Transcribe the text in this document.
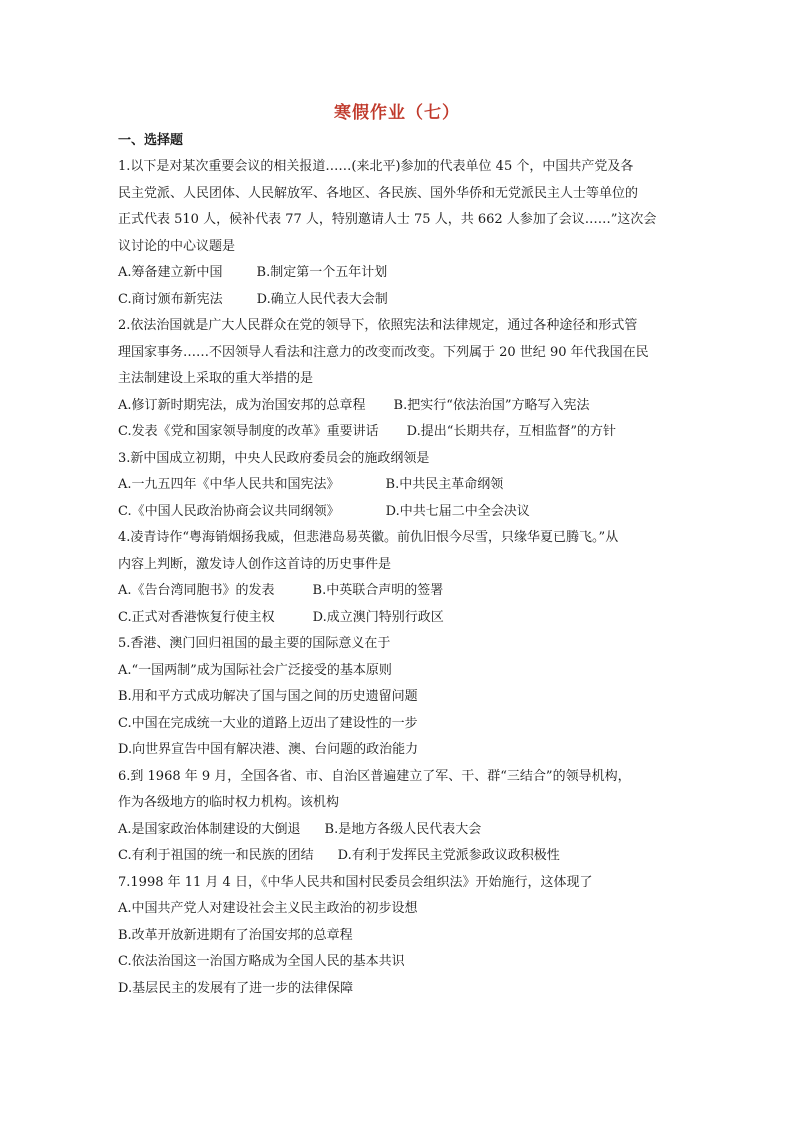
寒假作业（七）
一、选择题
1.以下是对某次重要会议的相关报道……(来北平)参加的代表单位 45 个，中国共产党及各
民主党派、人民团体、人民解放军、各地区、各民族、国外华侨和无党派民主人士等单位的
正式代表 510 人，候补代表 77 人，特别邀请人士 75 人，共 662 人参加了会议……”这次会
议讨论的中心议题是
A.筹备建立新中国	B.制定第一个五年计划
C.商讨颁布新宪法	D.确立人民代表大会制
2.依法治国就是广大人民群众在党的领导下，依照宪法和法律规定，通过各种途径和形式管
理国家事务……不因领导人看法和注意力的改变而改变。下列属于 20 世纪 90 年代我国在民
主法制建设上采取的重大举措的是
A.修订新时期宪法，成为治国安邦的总章程 B.把实行“依法治国”方略写入宪法
C.发表《党和国家领导制度的改革》重要讲话 D.提出“长期共存，互相监督”的方针
3.新中国成立初期，中央人民政府委员会的施政纲领是
A.一九五四年《中华人民共和国宪法》	B.中共民主革命纲领
C.《中国人民政治协商会议共同纲领》	D.中共七届二中全会决议
4.凌青诗作“粤海销烟扬我威，但悲港岛易英徽。前仇旧恨今尽雪，只缘华夏已腾飞。”从
内容上判断，激发诗人创作这首诗的历史事件是
A.《告台湾同胞书》的发表	B.中英联合声明的签署
C.正式对香港恢复行使主权	D.成立澳门特别行政区
5.香港、澳门回归祖国的最主要的国际意义在于
A.“一国两制”成为国际社会广泛接受的基本原则
B.用和平方式成功解决了国与国之间的历史遗留问题
C.中国在完成统一大业的道路上迈出了建设性的一步
D.向世界宣告中国有解决港、澳、台问题的政治能力
6.到 1968 年 9 月，全国各省、市、自治区普遍建立了军、干、群“三结合”的领导机构，
作为各级地方的临时权力机构。该机构
A.是国家政治体制建设的大倒退 B.是地方各级人民代表大会
C.有利于祖国的统一和民族的团结 D.有利于发挥民主党派参政议政积极性
7.1998 年 11 月 4 日，《中华人民共和国村民委员会组织法》开始施行，这体现了
A.中国共产党人对建设社会主义民主政治的初步设想
B.改革开放新进期有了治国安邦的总章程
C.依法治国这一治国方略成为全国人民的基本共识
D.基层民主的发展有了进一步的法律保障
